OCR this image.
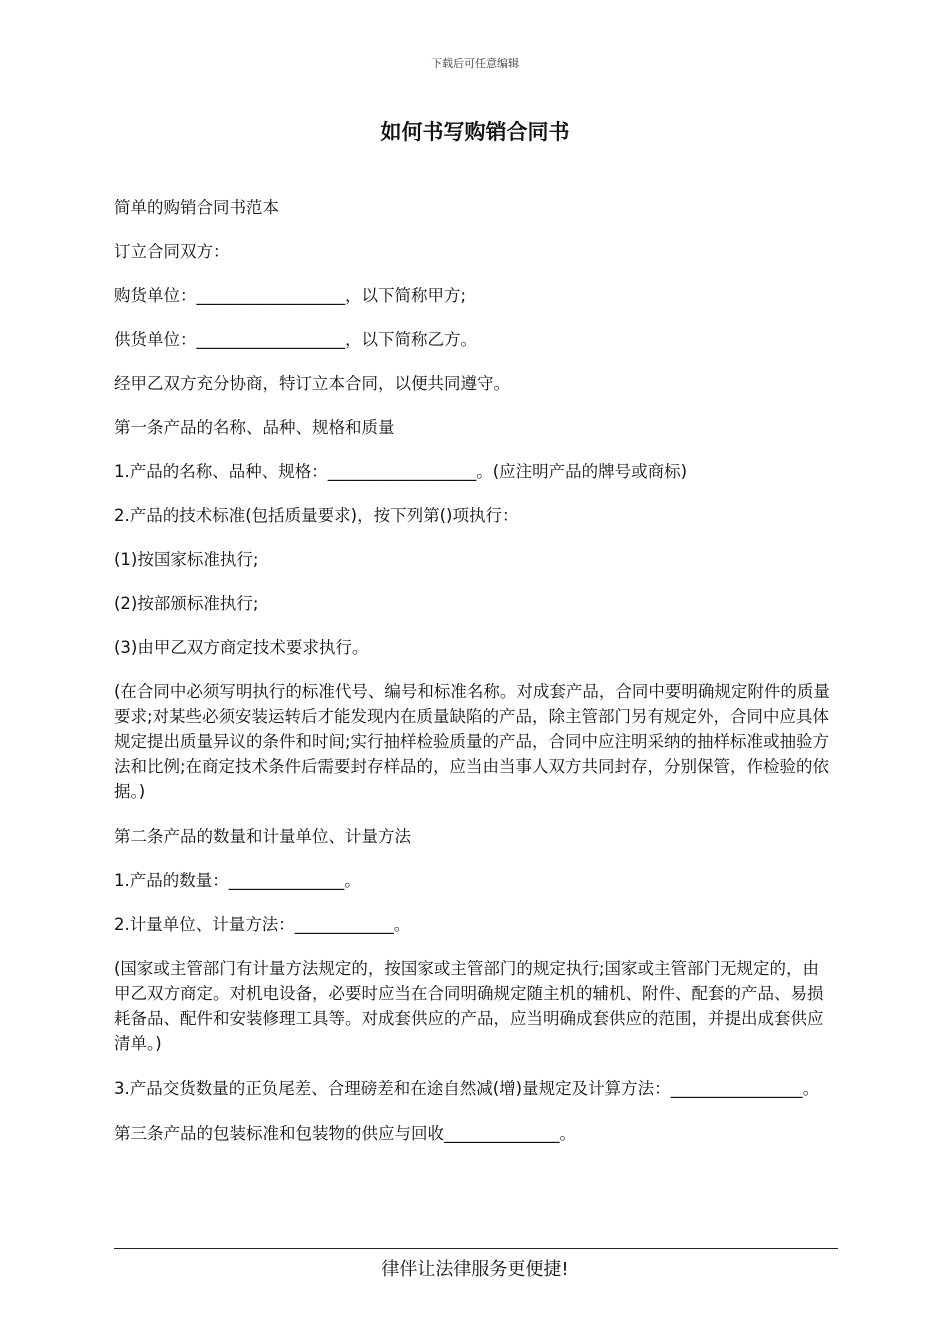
下载后可任意编辑
如何书写购销合同书

简单的购销合同书范本

订立合同双方：

购货单位：__________________，以下简称甲方;

供货单位：__________________，以下简称乙方。

经甲乙双方充分协商，特订立本合同，以便共同遵守。

第一条产品的名称、品种、规格和质量

1.产品的名称、品种、规格：__________________。(应注明产品的牌号或商标)

2.产品的技术标准(包括质量要求)，按下列第()项执行：

(1)按国家标准执行;

(2)按部颁标准执行;

(3)由甲乙双方商定技术要求执行。

(在合同中必须写明执行的标准代号、编号和标准名称。对成套产品，合同中要明确规定附件的质量要求;对某些必须安装运转后才能发现内在质量缺陷的产品，除主管部门另有规定外，合同中应具体规定提出质量异议的条件和时间;实行抽样检验质量的产品，合同中应注明采纳的抽样标准或抽验方法和比例;在商定技术条件后需要封存样品的，应当由当事人双方共同封存，分别保管，作检验的依据。)

第二条产品的数量和计量单位、计量方法

1.产品的数量：______________。

2.计量单位、计量方法：____________。

(国家或主管部门有计量方法规定的，按国家或主管部门的规定执行;国家或主管部门无规定的，由甲乙双方商定。对机电设备，必要时应当在合同明确规定随主机的辅机、附件、配套的产品、易损耗备品、配件和安装修理工具等。对成套供应的产品，应当明确成套供应的范围，并提出成套供应清单。)

3.产品交货数量的正负尾差、合理磅差和在途自然减(增)量规定及计算方法：________________。

第三条产品的包装标准和包装物的供应与回收______________。

律伴让法律服务更便捷!
